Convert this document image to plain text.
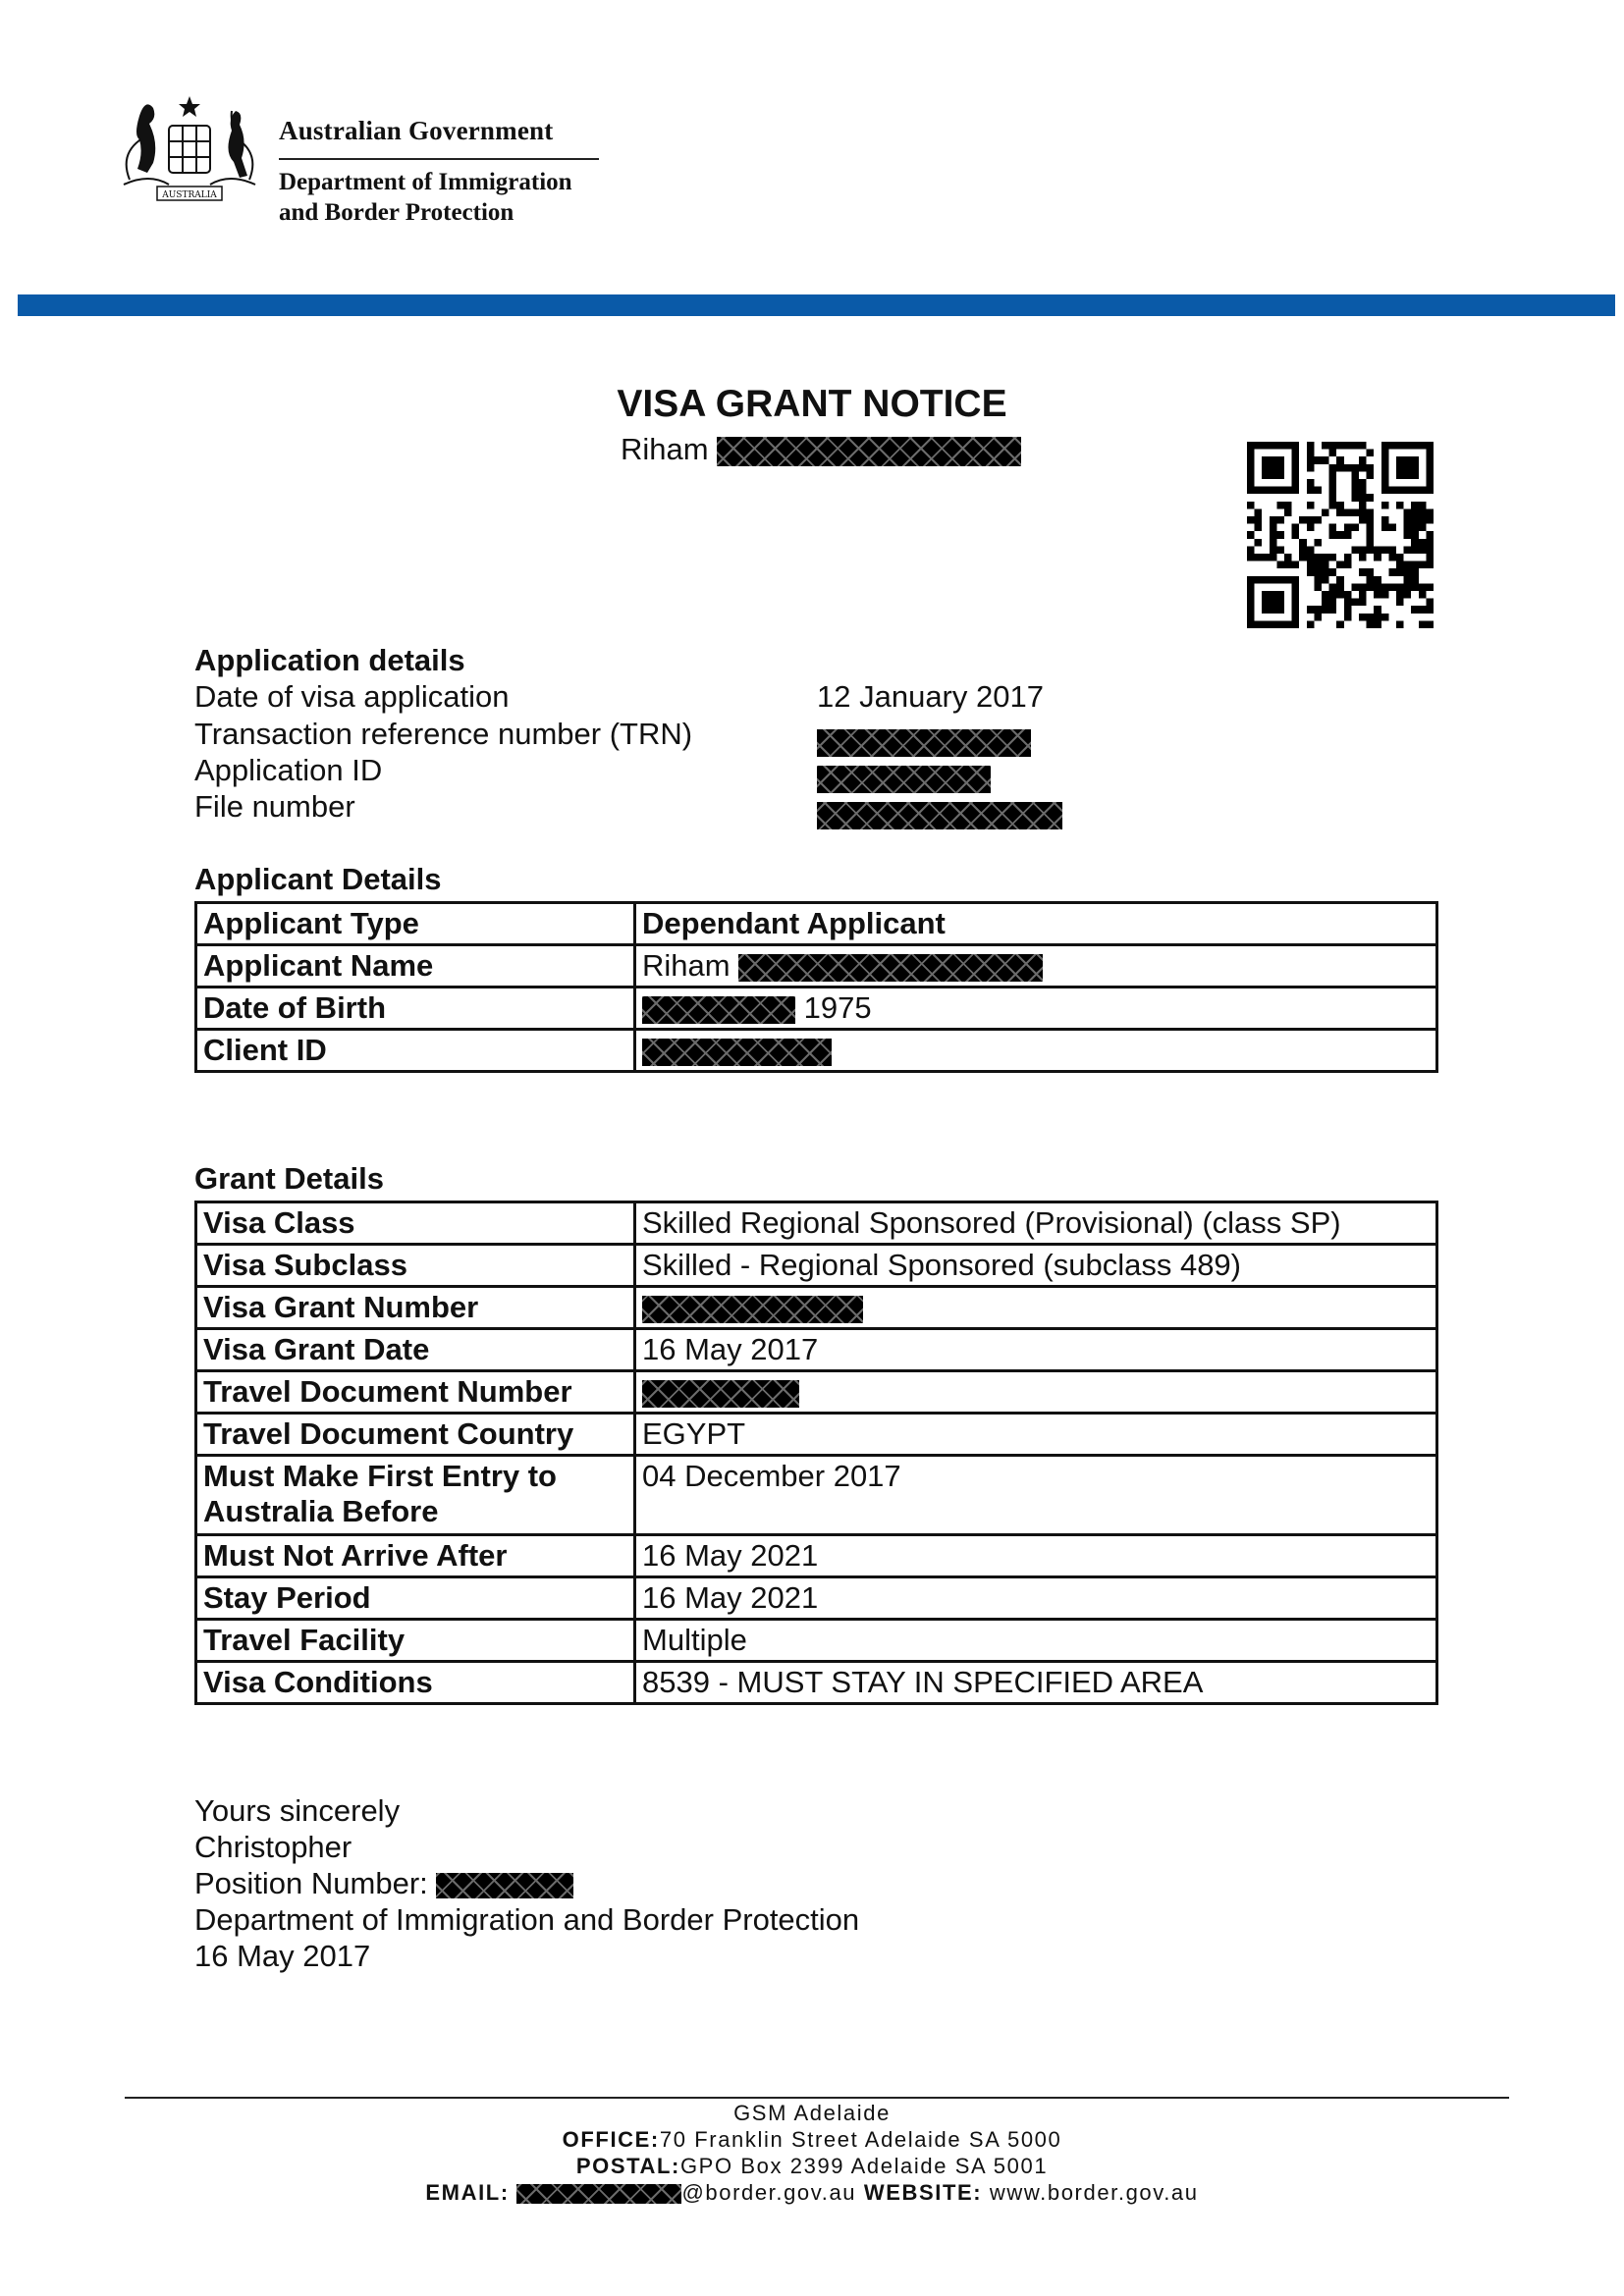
AUSTRALIA
Australian Government
Department of Immigration
and Border Protection
VISA GRANT NOTICE
Riham
Application details
Date of visa application	12 January 2017
Transaction reference number (TRN)
Application ID
File number
Applicant Details
Applicant Type	Dependant Applicant
Applicant Name	Riham
Date of Birth	1975
Client ID	
Grant Details
Visa Class	Skilled Regional Sponsored (Provisional) (class SP)
Visa Subclass	Skilled - Regional Sponsored (subclass 489)
Visa Grant Number	
Visa Grant Date	16 May 2017
Travel Document Number	
Travel Document Country	EGYPT
Must Make First Entry to Australia Before	04 December 2017
Must Not Arrive After	16 May 2021
Stay Period	16 May 2021
Travel Facility	Multiple
Visa Conditions	8539 - MUST STAY IN SPECIFIED AREA
Yours sincerely
Christopher
Position Number:
Department of Immigration and Border Protection
16 May 2017
GSM Adelaide
OFFICE:70 Franklin Street Adelaide SA 5000
POSTAL:GPO Box 2399 Adelaide SA 5001
EMAIL:	@border.gov.au WEBSITE: www.border.gov.au
